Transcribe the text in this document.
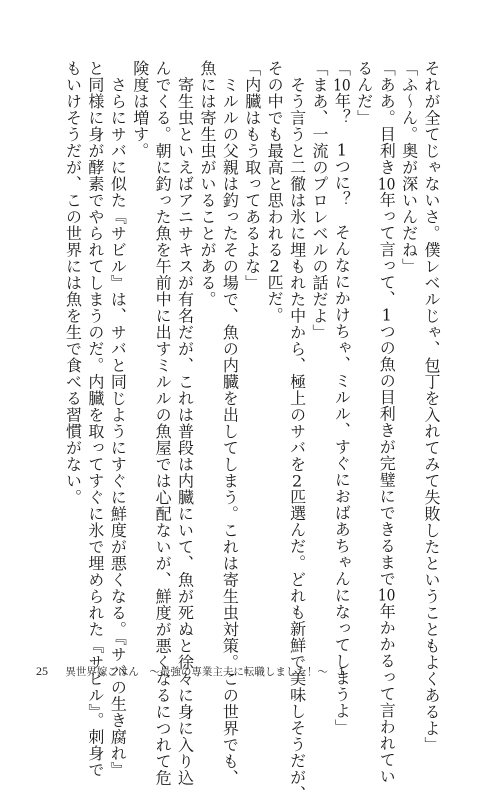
それが全てじゃないさ。僕レベルじゃ、包丁を入れてみて失敗したということもよくあるよ」

「ふ～ん。奥が深いんだね」

「ああ。目利き10年って言って、1つの魚の目利きが完璧にできるまで10年かかるって言われてい

るんだ」

「10年？　1つに？　そんなにかけちゃ、ミルル、すぐにおばあちゃんになってしまうよ」

「まあ、一流のプロレベルの話だよ」

　そう言うと二徹は氷に埋もれた中から、極上のサバを2匹選んだ。どれも新鮮で美味しそうだが、

その中でも最高と思われる2匹だ。

「内臓はもう取ってあるよな」

　ミルルの父親は釣ったその場で、魚の内臓を出してしまう。これは寄生虫対策。この世界でも、

魚には寄生虫がいることがある。

　寄生虫といえばアニサキスが有名だが、これは普段は内臓にいて、魚が死ぬと徐々に身に入り込

んでくる。朝に釣った魚を午前中に出すミルルの魚屋では心配ないが、鮮度が悪くなるにつれて危

険度は増す。

　さらにサバに似た『サビル』は、サバと同じようにすぐに鮮度が悪くなる。『サバの生き腐れ』

と同様に身が酵素でやられてしまうのだ。内臓を取ってすぐに氷で埋められた『サビル』。刺身で

もいけそうだが、この世界には魚を生で食べる習慣がない。

25 異世界嫁ごはん　～最強の専業主夫に転職しました！～　1
